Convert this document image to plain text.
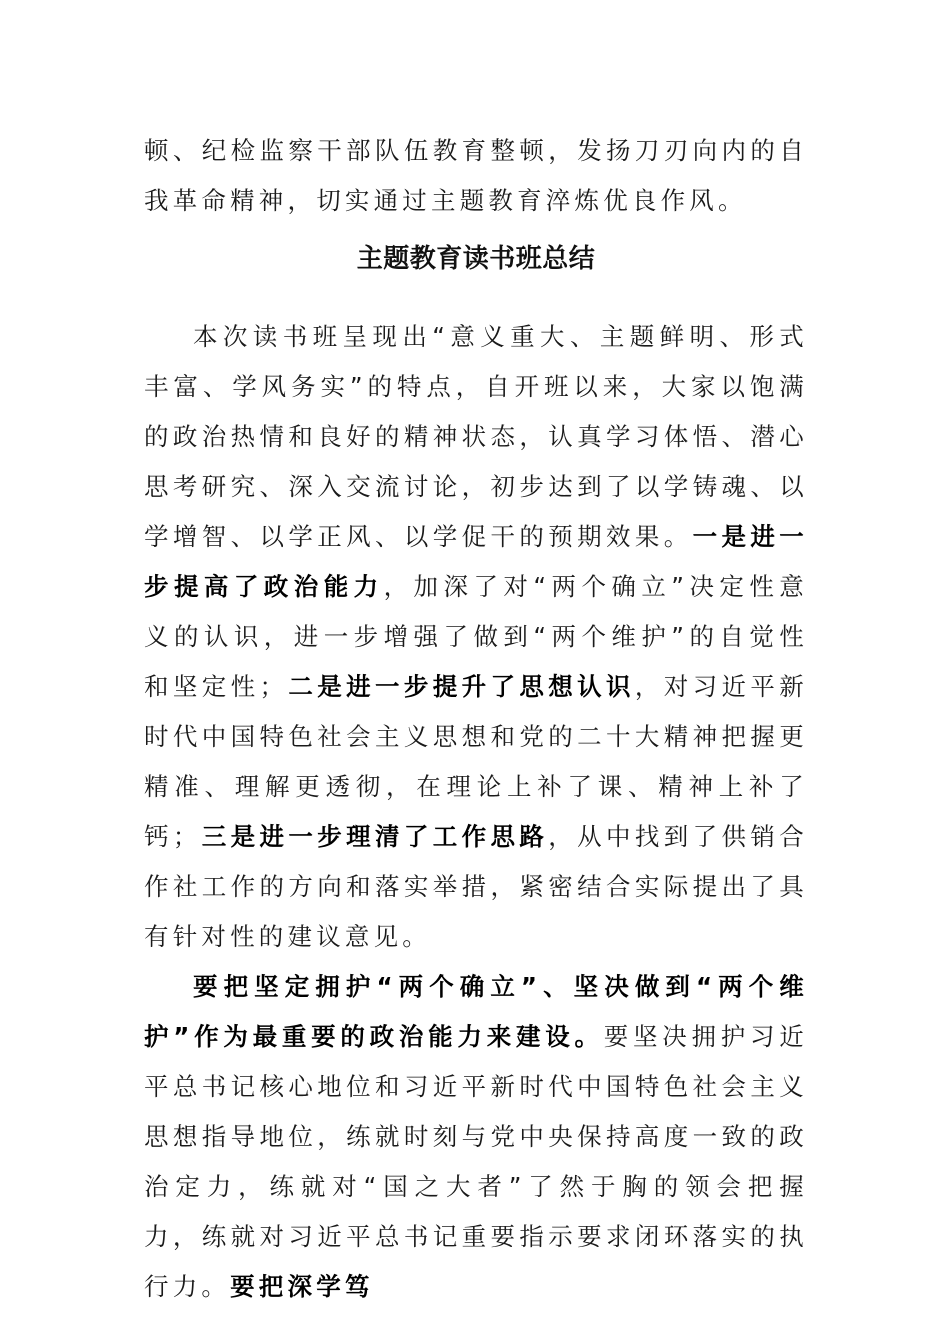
顿、纪检监察干部队伍教育整顿，发扬刀刃向内的自我革命精神，切实通过主题教育淬炼优良作风。

主题教育读书班总结

本次读书班呈现出“意义重大、主题鲜明、形式丰富、学风务实”的特点，自开班以来，大家以饱满的政治热情和良好的精神状态，认真学习体悟、潜心思考研究、深入交流讨论，初步达到了以学铸魂、以学增智、以学正风、以学促干的预期效果。一是进一步提高了政治能力，加深了对“两个确立”决定性意义的认识，进一步增强了做到“两个维护”的自觉性和坚定性；二是进一步提升了思想认识，对习近平新时代中国特色社会主义思想和党的二十大精神把握更精准、理解更透彻，在理论上补了课、精神上补了钙；三是进一步理清了工作思路，从中找到了供销合作社工作的方向和落实举措，紧密结合实际提出了具有针对性的建议意见。

要把坚定拥护“两个确立”、坚决做到“两个维护”作为最重要的政治能力来建设。要坚决拥护习近平总书记核心地位和习近平新时代中国特色社会主义思想指导地位，练就时刻与党中央保持高度一致的政治定力，练就对“国之大者”了然于胸的领会把握力，练就对习近平总书记重要指示要求闭环落实的执行力。要把深学笃
